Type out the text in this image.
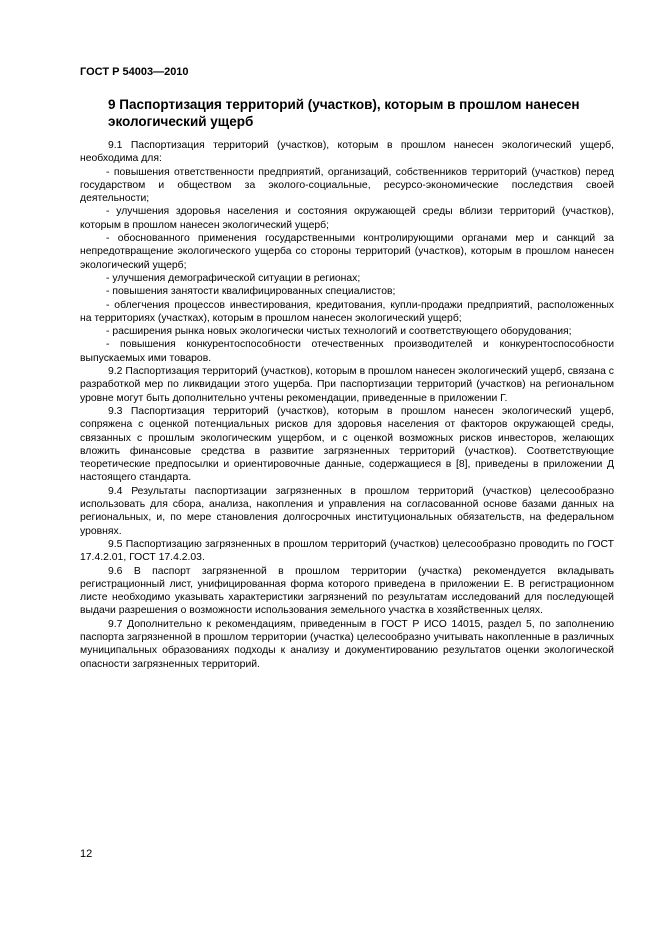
ГОСТ Р 54003—2010
9 Паспортизация территорий (участков), которым в прошлом нанесен экологический ущерб

9.1 Паспортизация территорий (участков), которым в прошлом нанесен экологический ущерб, необходима для:

- повышения ответственности предприятий, организаций, собственников территорий (участков) перед государством и обществом за эколого-социальные, ресурсо-экономические последствия своей деятельности;

- улучшения здоровья населения и состояния окружающей среды вблизи территорий (участков), которым в прошлом нанесен экологический ущерб;

- обоснованного применения государственными контролирующими органами мер и санкций за непредотвращение экологического ущерба со стороны территорий (участков), которым в прошлом нанесен экологический ущерб;

- улучшения демографической ситуации в регионах;

- повышения занятости квалифицированных специалистов;

- облегчения процессов инвестирования, кредитования, купли-продажи предприятий, расположенных на территориях (участках), которым в прошлом нанесен экологический ущерб;

- расширения рынка новых экологически чистых технологий и соответствующего оборудования;

- повышения конкурентоспособности отечественных производителей и конкурентоспособности выпускаемых ими товаров.

9.2 Паспортизация территорий (участков), которым в прошлом нанесен экологический ущерб, связана с разработкой мер по ликвидации этого ущерба. При паспортизации территорий (участков) на региональном уровне могут быть дополнительно учтены рекомендации, приведенные в приложении Г.

9.3 Паспортизация территорий (участков), которым в прошлом нанесен экологический ущерб, сопряжена с оценкой потенциальных рисков для здоровья населения от факторов окружающей среды, связанных с прошлым экологическим ущербом, и с оценкой возможных рисков инвесторов, желающих вложить финансовые средства в развитие загрязненных территорий (участков). Соответствующие теоретические предпосылки и ориентировочные данные, содержащиеся в [8], приведены в приложении Д настоящего стандарта.

9.4 Результаты паспортизации загрязненных в прошлом территорий (участков) целесообразно использовать для сбора, анализа, накопления и управления на согласованной основе базами данных на региональных, и, по мере становления долгосрочных институциональных обязательств, на федеральном уровнях.

9.5 Паспортизацию загрязненных в прошлом территорий (участков) целесообразно проводить по ГОСТ 17.4.2.01, ГОСТ 17.4.2.03.

9.6 В паспорт загрязненной в прошлом территории (участка) рекомендуется вкладывать регистрационный лист, унифицированная форма которого приведена в приложении Е. В регистрационном листе необходимо указывать характеристики загрязнений по результатам исследований для последующей выдачи разрешения о возможности использования земельного участка в хозяйственных целях.

9.7 Дополнительно к рекомендациям, приведенным в ГОСТ Р ИСО 14015, раздел 5, по заполнению паспорта загрязненной в прошлом территории (участка) целесообразно учитывать накопленные в различных муниципальных образованиях подходы к анализу и документированию результатов оценки экологической опасности загрязненных территорий.

12
